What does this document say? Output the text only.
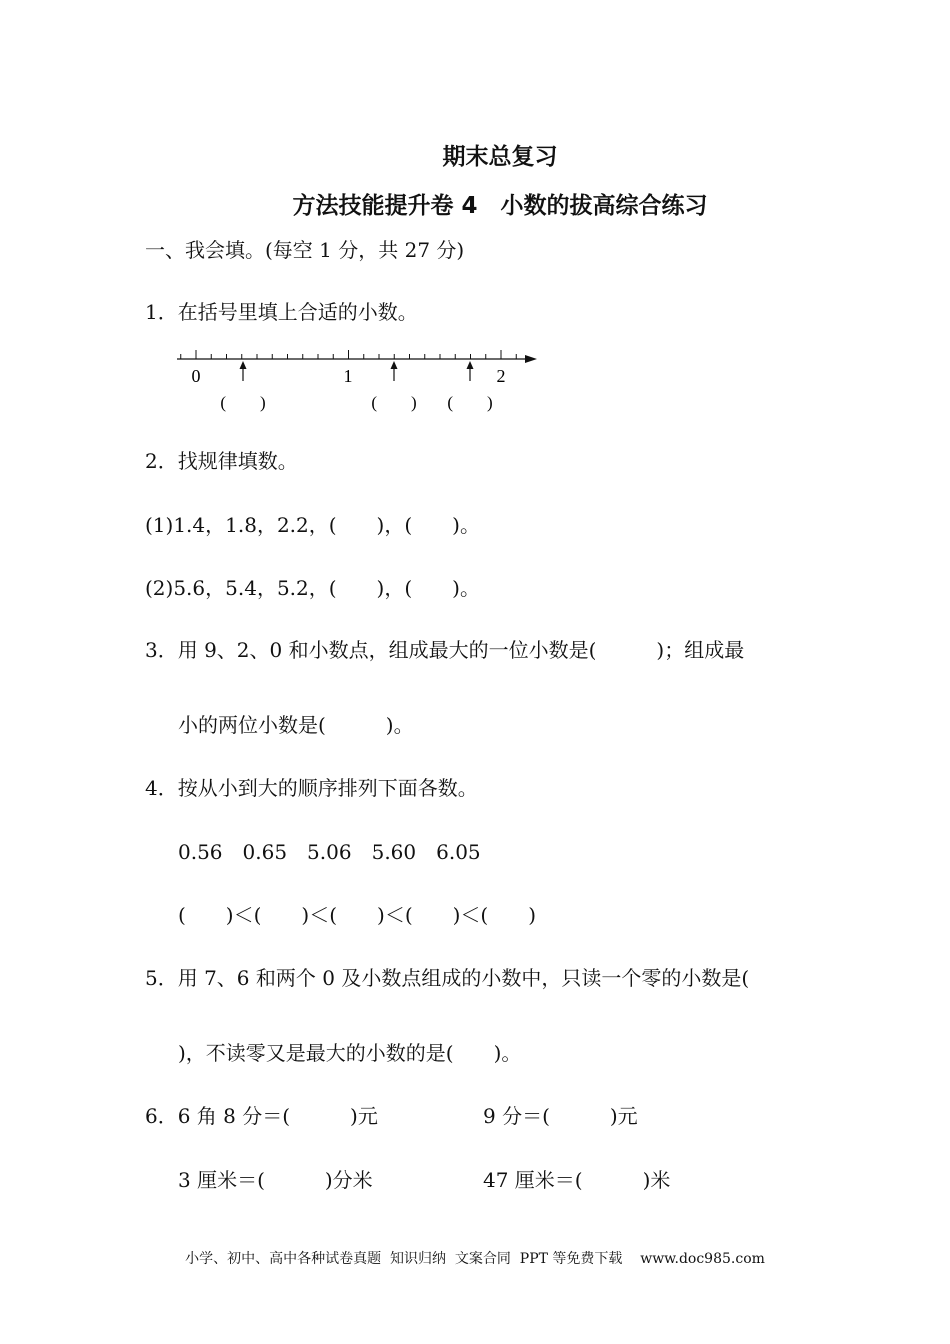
期末总复习
方法技能提升卷 4　小数的拔高综合练习
一、我会填。(每空 1 分，共 27 分)
1．在括号里填上合适的小数。
0	1	2
(　　)	(　　) (　　)
2．找规律填数。
(1)1.4，1.8，2.2，(　　)，(　　)。
(2)5.6，5.4，5.2，(　　)，(　　)。
3．用 9、2、0 和小数点，组成最大的一位小数是(　　　)；组成最
小的两位小数是(　　　)。
4．按从小到大的顺序排列下面各数。
0.56　0.65　5.06　5.60　6.05
(　　)＜(　　)＜(　　)＜(　　)＜(　　)
5．用 7、6 和两个 0 及小数点组成的小数中，只读一个零的小数是(
)，不读零又是最大的小数的是(　　)。
6．6 角 8 分＝(　　　)元	9 分＝(　　　)元
3 厘米＝(　　　)分米	47 厘米＝(　　　)米
小学、初中、高中各种试卷真题  知识归纳  文案合同  PPT 等免费下载    www.doc985.com
